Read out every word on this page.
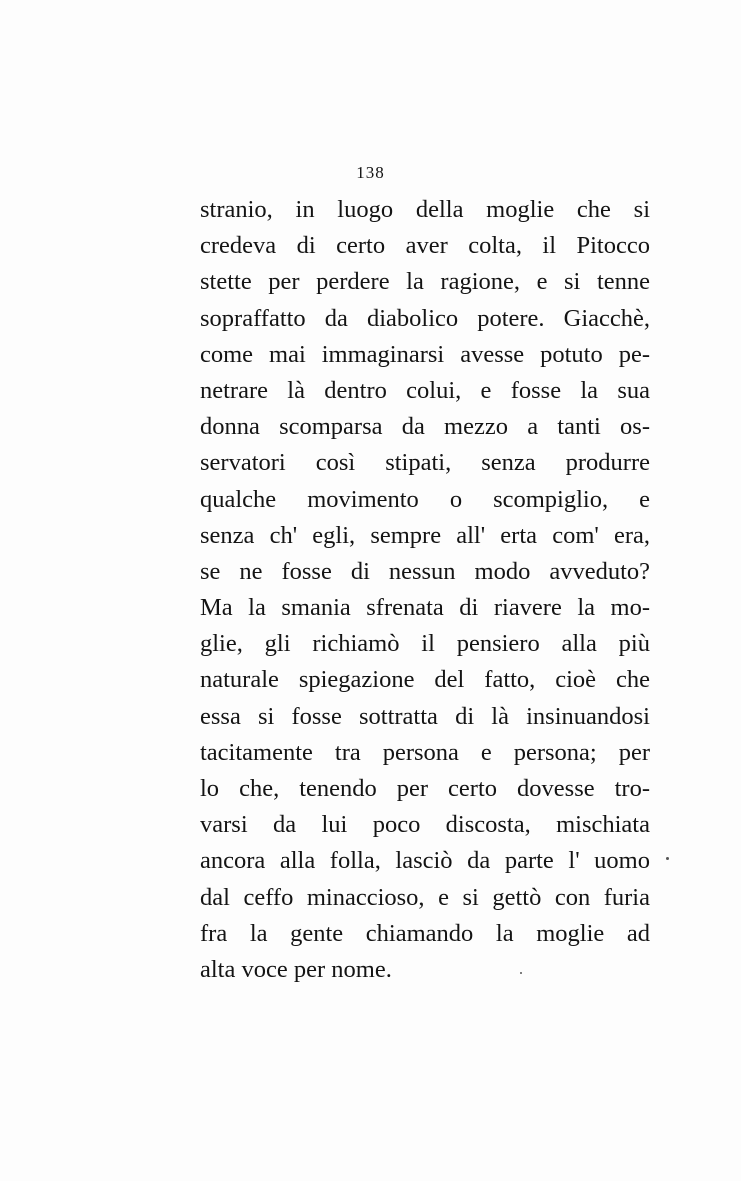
138
stranio, in luogo della moglie che si
credeva di certo aver colta, il Pitocco
stette per perdere la ragione, e si tenne
sopraffatto da diabolico potere. Giacchè,
come mai immaginarsi avesse potuto pe-
netrare là dentro colui, e fosse la sua
donna scomparsa da mezzo a tanti os-
servatori così stipati, senza produrre
qualche movimento o scompiglio, e
senza ch' egli, sempre all' erta com' era,
se ne fosse di nessun modo avveduto?
Ma la smania sfrenata di riavere la mo-
glie, gli richiamò il pensiero alla più
naturale spiegazione del fatto, cioè che
essa si fosse sottratta di là insinuandosi
tacitamente tra persona e persona; per
lo che, tenendo per certo dovesse tro-
varsi da lui poco discosta, mischiata
ancora alla folla, lasciò da parte l' uomo
dal ceffo minaccioso, e si gettò con furia
fra la gente chiamando la moglie ad
alta voce per nome.
